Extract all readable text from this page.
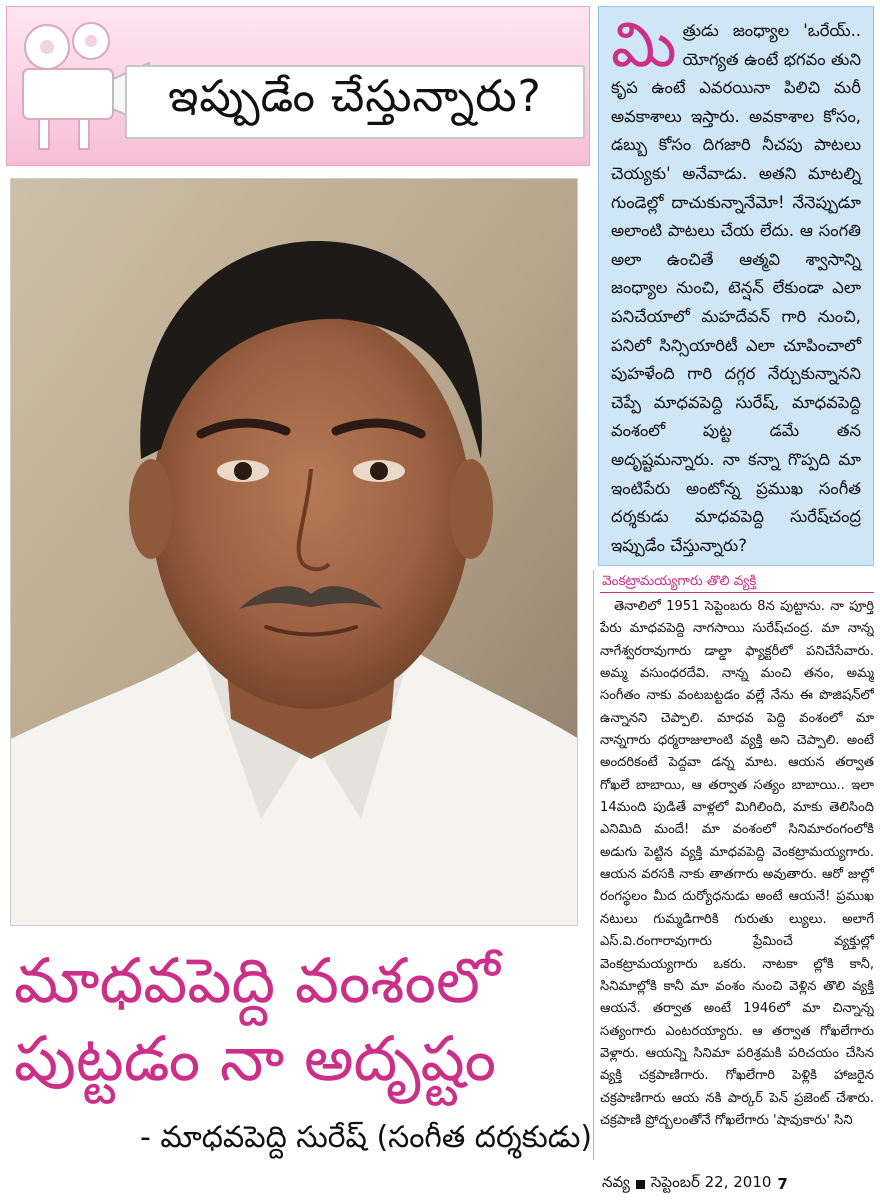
ఇప్పుడేం చేస్తున్నారు?
మాధవపెద్ది వంశంలో
పుట్టడం నా అదృష్టం
- మాధవపెద్ది సురేష్ (సంగీత దర్శకుడు)
మి త్రుడు జంధ్యాల 'ఒరేయ్.. యోగ్యత ఉంటే భగవం తుని కృప ఉంటే ఎవరయినా పిలిచి మరీ అవకాశాలు ఇస్తారు. అవకాశాల కోసం, డబ్బు కోసం దిగజారి నీచపు పాటలు చెయ్యకు' అనేవాడు. అతని మాటల్ని గుండెల్లో దాచుకున్నానేమో! నేనెప్పుడూ అలాంటి పాటలు చేయ లేదు. ఆ సంగతి అలా ఉంచితే ఆత్మవి శ్వాసాన్ని జంధ్యాల నుంచి, టెన్షన్ లేకుండా ఎలా పనిచేయాలో మహదేవన్ గారి నుంచి, పనిలో సిన్సియారిటీ ఎలా చూపించాలో పుహళేంది గారి దగ్గర నేర్చుకున్నానని చెప్పే మాధవపెద్ది సురేష్, మాధవపెద్ది వంశంలో పుట్ట డమే తన అదృష్టమన్నారు. నా కన్నా గొప్పది మా ఇంటిపేరు అంటోన్న ప్రముఖ సంగీత దర్శకుడు మాధవపెద్ది సురేష్‌చంద్ర ఇప్పుడేం చేస్తున్నారు?

వెంకట్రామయ్యగారు తొలి వ్యక్తి
తెనాలిలో 1951 సెప్టెంబరు 8న పుట్టాను. నా పూర్తి పేరు మాధవపెద్ది నాగసాయి సురేష్‌చంద్ర. మా నాన్న నాగేశ్వరరావుగారు డాల్డా ఫ్యాక్టరీలో పనిచేసేవారు. అమ్మ వసుంధరదేవి. నాన్న మంచి తనం, అమ్మ సంగీతం నాకు వంటబట్టడం వల్లే నేను ఈ పొజిషన్‌లో ఉన్నానని చెప్పాలి. మాధవ పెద్ది వంశంలో మా నాన్నగారు ధర్మరాజులాంటి వ్యక్తి అని చెప్పాలి. అంటే అందరికంటే పెద్దవా డన్న మాట. ఆయన తర్వాత గోఖలే బాబాయి, ఆ తర్వాత సత్యం బాబాయి.. ఇలా 14మంది పుడితే వాళ్లలో మిగిలింది, మాకు తెలిసింది ఎనిమిది మందే! మా వంశంలో సినిమారంగంలోకి అడుగు పెట్టిన వ్యక్తి మాధవపెద్ది వెంకట్రామయ్యగారు. ఆయన వరసకి నాకు తాతగారు అవుతారు. ఆరో జుల్లో రంగస్థలం మీద దుర్యోధనుడు అంటే ఆయనే! ప్రముఖ నటులు గుమ్మడిగారికి గురుతు ల్యులు. అలాగే ఎస్.వి.రంగారావుగారు ప్రేమించే వ్యక్తుల్లో వెంకట్రామయ్యగారు ఒకరు. నాటకా ల్లోకి కానీ, సినిమాల్లోకి కానీ మా వంశం నుంచి వెళ్లిన తొలి వ్యక్తి ఆయనే. తర్వాత అంటే 1946లో మా చిన్నాన్న సత్యంగారు ఎంటరయ్యారు. ఆ తర్వాత గోఖలేగారు వెళ్లారు. ఆయన్ని సినిమా పరిశ్రమకి పరిచయం చేసిన వ్యక్తి చక్రపాణిగారు. గోఖలేగారి పెళ్లికి హాజరైన చక్రపాణిగారు ఆయ నకి పార్కర్ పెన్ ప్రజెంట్ చేశారు. చక్రపాణి ప్రోద్బలంతోనే గోఖలేగారు 'షావుకారు' సిని
నవ్య సెప్టెంబర్ 22, 2010 7
